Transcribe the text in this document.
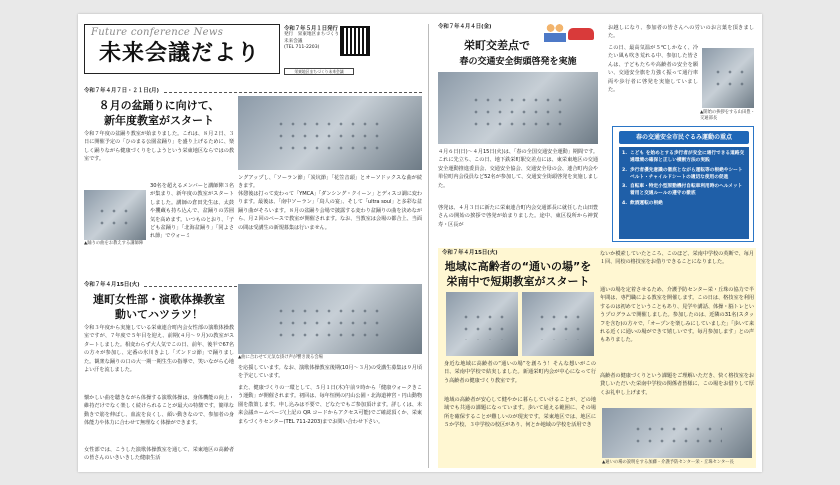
Future conference News
未来会議だより
令和７年５月１日発行
発行　栄東地区まちづくり未来会議
(TEL 711-2203)
栄東地区まちづくり未来会議
令和７年４月７日・２１日(月)
８月の盆踊りに向けて、
新年度教室がスタート
令和７年度の盆踊り教室が始まりました。これは、８月２日、３日に開催予定の「ひのまる公園盆踊り」を盛り上げるために、楽しく踊りながら健康づくりをしようという栄東地区ならではの教室です。
▲踊りの曲をお教えする講師陣
30名を超えるメンバーと講師陣３名が集まり、新年度の教室がスタートしました。講師の倉田先生は、太鼓や攫蔵も持ち込んで、盆踊りの雰囲気を高めます。いつものとおり、「子ども盆踊り」「北海盆踊り」「同よされ節」でウォーミ
ングアップし、「ソーラン節」「炭坑節」「花笠音頭」とオーソドックスな曲が続きます。
休憩後は打って変わって「YMCA」「ダンシング・クイーン」とディスコ調に変わります。最後は、「南中ソーラン」「鳥人の宴」、そして「ultra soul」と多彩な盆踊り曲がそろいます。８月の盆踊り会場で披露する変わり盆踊りの曲を決めながら、月２回のペースで教室が開催されます。なお、当教室は会場の都合上、当面の間は受講生の新規募集は行いません。
令和７年４月15日(火)
連町女性部・演歌体操教室
動いてハツラツ！
令和３年度から実施している栄東連合町内会女性部の演歌体操教室ですが、７年度で５年目を迎え、前期(４月～９月)の教室がスタートしました。相変わらず大人気でこの日、前年、後半で67名の方々が参加し、定番の氷川きよし「ズンドコ節」で踊りました。観衆な踊りの口の大一期一期生生の指導で、笑いながら心地よい汗を流しました。
懐かしい曲を聴きながら体操する演歌体操は、身体機能の向上・維持だけでなく楽しく続けられることが最大の特徴です。簡単な動きで筋を伸ばし、血流を良くし、顔い動きなので、参加者の身体能力や体力に合わせて無理なく体操ができます。
女性部では、こうした演歌体操教室を通して、栄東地区の高齢者の皆さんのいきいきした健康生活
▲曲に合わせて元気な掛け声が響き渡る会場
を応援しています。なお、演歌体操教室後期(10月～３月)の受講生募集は９月頃を予定しています。
また、健康づくりの一環として、５月１日(木)午前９時から「健康ウォークきこう運動」が開催されます。初回は、毎年恒例の円山公園・北海道神宮・円山動物園を散策します。申し込みは不要で、どなたでもご参加頂けます。詳しくは、未来会議ホームページ(上記の QR コードからアクセス可能)でご確認頂くか、栄東まちづくりセンター(TEL 711-2203)までお問い合わせ下さい。
令和７年４月４日(金)
栄町交差点で
春の交通安全街頭啓発を実施
４月６日(日)～４月15日(火)は、「春の全国交通安全運動」期間です。これに先立ち、この日、地下鉄栄町駅交差点には、東栄東地区の交通安全運動推進委員会、交通安全協会、交通安全母の会、連合町内会や単位町内会役員など52名が参加して、交通安全街頭啓発を実施しました。
啓発は、４月３日に新たに栄東連合町内会交通部長に就任した山田豊さんの開始の挨拶で啓発が始まりました。途中、東区役所から神賀寿・区長が
お越しになり、参加者の皆さんへの労いのお言葉を頂きました。
この日、最高気温が５℃しかなく、冷たい風も吹き荒れる中、参加した皆さんは、子どもたちや高齢者の安全を願い、交通安全旗を力強く振って通行車両や歩行者に啓発を実施していました。
▲開始の挨拶をする山田豊・交通部長
春の交通安全市民ぐるみ運動の重点
1. こども を始めとする歩行者が安全に通行できる道路交通環境の確保と正しい横断方法の実践
2. 歩行者優先意識の徹底とながら運転等の根絶やシートベルト・チャイルドシートの適切な使用の促進
3. 自転車・特定小型原動機付自転車利用時のヘルメット着用と交通ルールの遵守の徹底
4. 飲酒運転の根絶
令和７年４月15日(火)
地域に高齢者の“通いの場”を
栄南中で短期教室がスタート
身近な地域に高齢者の“通いの場”を創ろう！そんな想いがこの日、栄南中学校で結実しました。新通栄町内会が中心になって行う高齢者の健康づくり教室です。
地域の高齢者が安心して健やかに暮らしていけることが、どの地域でも共通の課題になっています。歩いて通える範囲に、その場所を確保することが難しいのが現実です。栄東地区では、地区に５か学校、３中学校の校区があり、何とか地域の学校を活用でき
ないか模索していたところ、このほど、栄南中学校の英断で、毎月１回、同校の格技室をお借りできることになりました。
通いの場を定着させるため、介護予防センター栄・丘珠の協力で半年間は、専門職による教室を開催します。この日は、格技室を利用するのは初めてということもあり、見学や講話、体操・脳トレというプログラムで開催しました。参加したのは、近隣の31名(スタッフを含む)の方々で、「オープンを楽しみにしていました」「歩いて来れる近くに通いの場ができて嬉しいです。毎月参加します」との声もありました。
高齢者の健康づくりという課題をご理解いただき、快く格技室をお貸しいただいた栄南中学校の関係者皆様に、この場をお借りして厚くお礼申し上げます。
▲通いの場の説明をする加藤・介護予防センター栄・丘珠センター長
